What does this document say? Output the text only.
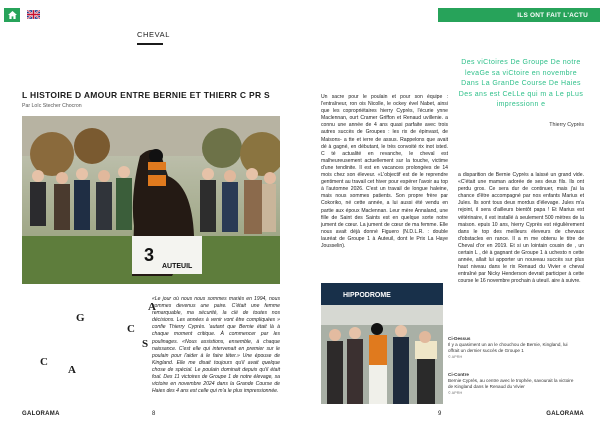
ILS ONT FAIT L'ACTU
CHEVAL
L HISTOIRE D AMOUR ENTRE BERNIE ET THIERR C PR S
Par Loïc Stecher Chocron
3
AUTEUIL
G
A
C
S
C
A
«Le jour où nous nous sommes mariés en 1994, nous sommes devenus une paire. C'était une femme remarquable, ma sécurité, la clé de toutes nos décisions. Les années à venir vont être compliquées » confie Thierry Cyprès. 'autant que Bernie était là à chaque moment critique. À commencer par les poulinages. «Nous assistions, ensemble, à chaque naissance. C'est elle qui intervenait en premier sur le poulain pour l'aider à le faire téter.» Une épouse de Kingland. Elle me disait toujours qu'il avait quelque chose de spécial. Le poulain dominait depuis qu'il était foal. Des 11 victoires de Groupe 1 de notre élevage, sa victoire en novembre 2024 dans la Grande Course de Haies des 4 ans est celle qui m'a le plus impressionnée.
Un sacre pour le poulain et pour son équipe : l'entraîneur, ron ois Nicolle, le ockey ével Nabet, ainsi que les copropriétaires hierry Cyprès, l'écurie ynne Maclennan, ourt Cramer Griffon et Renaud uvillenie. a connu une année de 4 ans quasi parfaite avec trois autres succès de Groupes : les rix de épinvast, de Maisons- a tte et ierre de assus. Rappelons que avait dé à gagné, en débutant, le très convoité rix inot isted. C té actualité en revanche, le cheval est malheureusement actuellement sur la touche, victime d'une tendinite. Il est en vacances prolongées de 14 mois chez son éleveur. «L'objectif est de le reprendre gentiment au travail cet hiver pour espérer l'avoir au top à l'automne 2026. C'est un travail de longue haleine, mais nous sommes patients. Son propre frère par Cokoriko, né cette année, a lui aussi été vendu en partie aux époux Maclennan. Leur mère Annaland, une fille de Saint des Saints est en quelque sorte notre jument de cœur. La jument de cœur de ma femme. Elle nous avait déjà donné Figuero (N.D.L.R. : double lauréat de Groupe 1 à Auteuil, dont le Prix La Haye Jousselin).
Des viCtoires De Groupe De notre levaGe sa viCtoire en novembre Dans La GranDe Course De Haies Des ans est CeLLe qui m a Le pLus impressionn e
Thierry Cyprès
a disparition de Bernie Cyprès a laissé un grand vide. «C'était une maman adorée de ses deux fils. Ils ont perdu gros. Ce sera dur de continuer, mais j'ai la chance d'être accompagné par nos enfants Marius et Jules. Ils sont tous deux mordus d'élevage. Jules m'a rejoint, il sera d'ailleurs bientôt papa ! Et Marius est vétérinaire, il est installé à seulement 500 mètres de la maison. epuis 10 ans, hierry Cyprès est régulièrement dans le top des meilleurs éleveurs de chevaux d'obstacles en rance. Il a m me obtenu le titre de Cheval d'or en 2019. Et si un lointain cousin de , un certain L , dé à gagnant de Groupe 1 à uchesto n cette année, allait lui apporter un nouveau succès sur plus haut niveau dans le rix Renaud du Vivier e cheval entraîné par Nicky Henderson devrait participer à cette course le 16 novembre prochain à uteuil. aire à suivre.
HIPPODROME
Ci-Dessus
Il y a quasiment un an le chouchou de Bernie, Kingland, lui offrait un dernier succès de Groupe 1
© APRH
Ci-Contre
Bernie Cyprès, au centre avec le trophée, savourait la victoire de Kingland dans le Renaud du Vivier
© APRH
GALORAMA	8	9	GALORAMA
